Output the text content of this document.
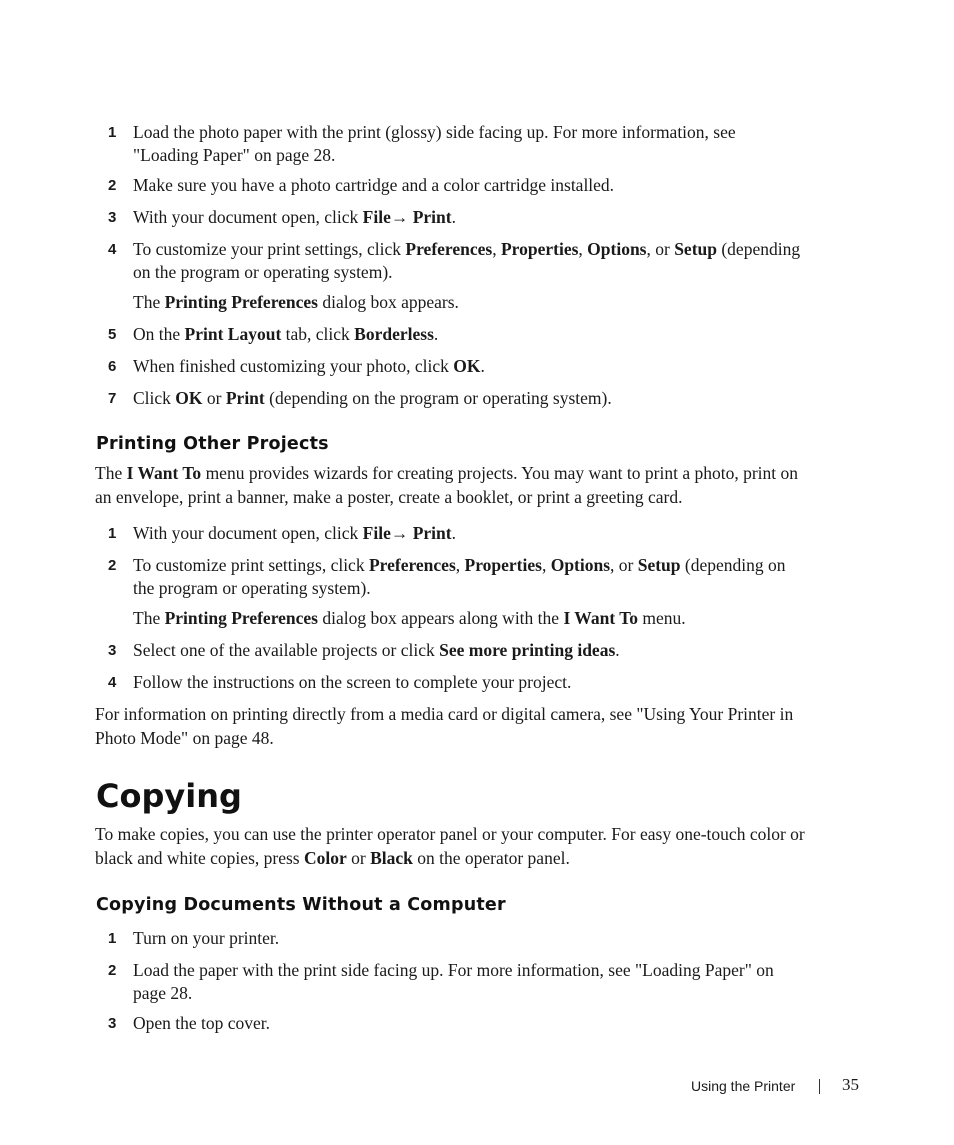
1 Load the photo paper with the print (glossy) side facing up. For more information, see "Loading Paper" on page 28.
2 Make sure you have a photo cartridge and a color cartridge installed.
3 With your document open, click File→ Print.
4 To customize your print settings, click Preferences, Properties, Options, or Setup (depending on the program or operating system).
The Printing Preferences dialog box appears.
5 On the Print Layout tab, click Borderless.
6 When finished customizing your photo, click OK.
7 Click OK or Print (depending on the program or operating system).
Printing Other Projects
The I Want To menu provides wizards for creating projects. You may want to print a photo, print on an envelope, print a banner, make a poster, create a booklet, or print a greeting card.
1 With your document open, click File→ Print.
2 To customize print settings, click Preferences, Properties, Options, or Setup (depending on the program or operating system).
The Printing Preferences dialog box appears along with the I Want To menu.
3 Select one of the available projects or click See more printing ideas.
4 Follow the instructions on the screen to complete your project.
For information on printing directly from a media card or digital camera, see "Using Your Printer in Photo Mode" on page 48.
Copying
To make copies, you can use the printer operator panel or your computer. For easy one-touch color or black and white copies, press Color or Black on the operator panel.
Copying Documents Without a Computer
1 Turn on your printer.
2 Load the paper with the print side facing up. For more information, see "Loading Paper" on page 28.
3 Open the top cover.
Using the Printer	35
